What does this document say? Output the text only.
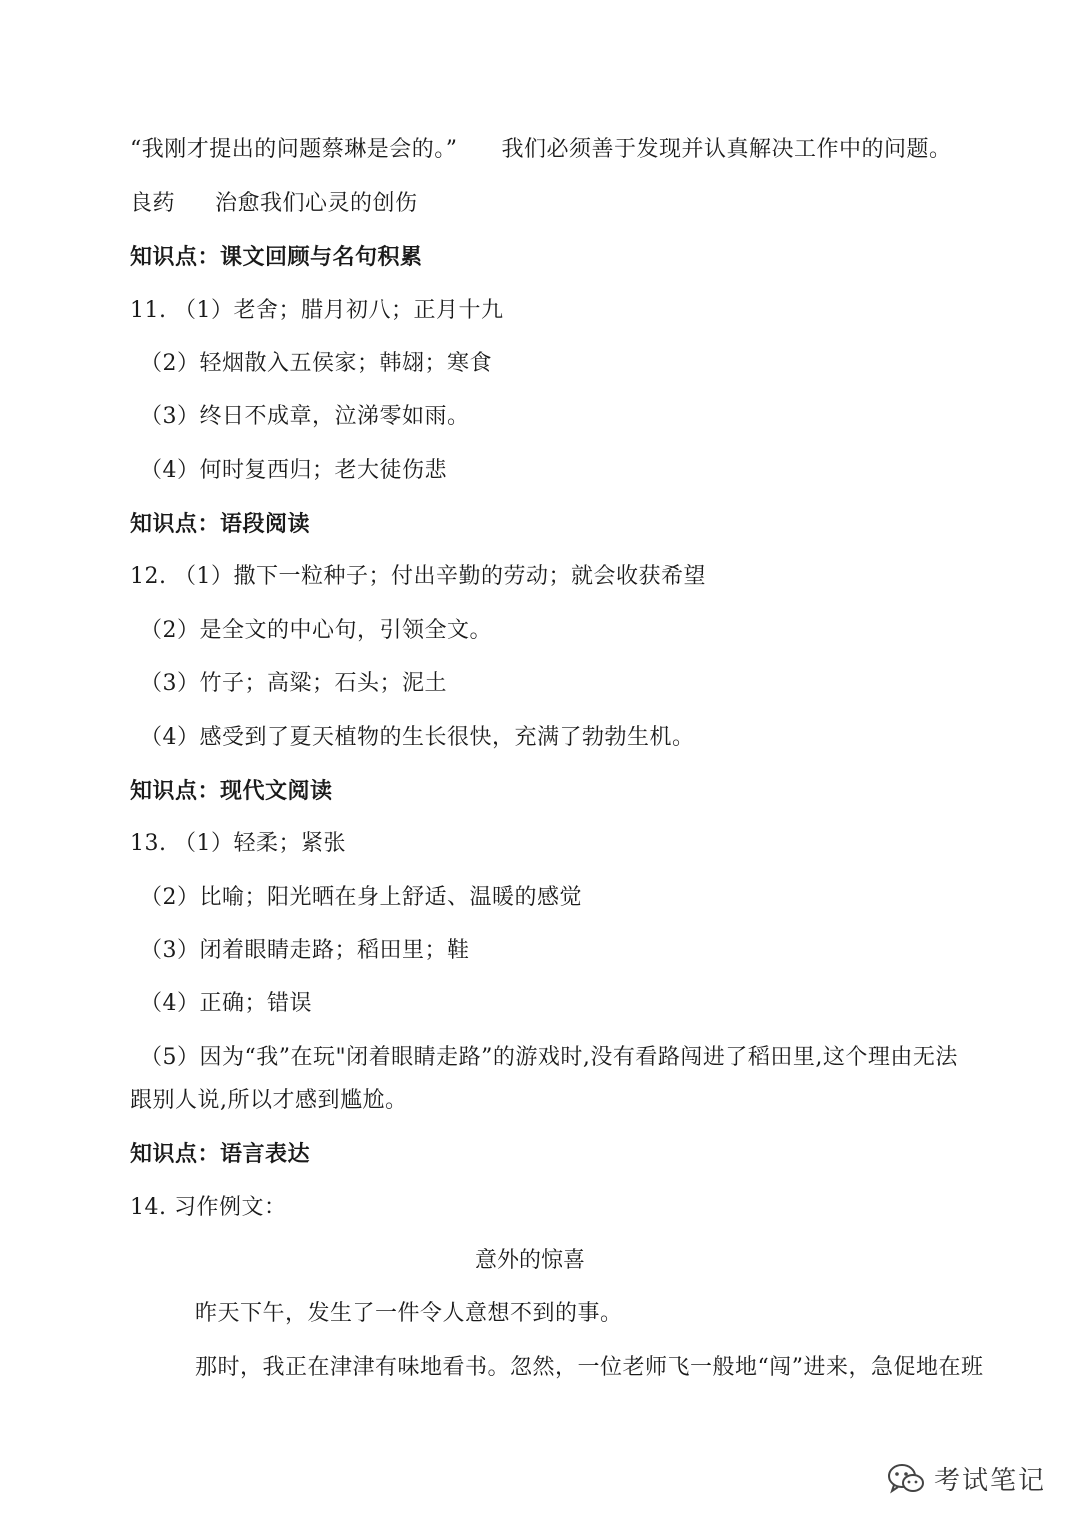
“我刚才提出的问题蔡琳是会的。” 我们必须善于发现并认真解决工作中的问题。
良药 治愈我们心灵的创伤
知识点：课文回顾与名句积累
11. （1）老舍；腊月初八；正月十九
（2）轻烟散入五侯家；韩翃；寒食
（3）终日不成章，泣涕零如雨。
（4）何时复西归；老大徒伤悲
知识点：语段阅读
12. （1）撒下一粒种子；付出辛勤的劳动；就会收获希望
（2）是全文的中心句，引领全文。
（3）竹子；高粱；石头；泥土
（4）感受到了夏天植物的生长很快，充满了勃勃生机。
知识点：现代文阅读
13. （1）轻柔；紧张
（2）比喻；阳光晒在身上舒适、温暖的感觉
（3）闭着眼睛走路；稻田里；鞋
（4）正确；错误
（5）因为“我”在玩"闭着眼睛走路”的游戏时,没有看路闯进了稻田里,这个理由无法
跟别人说,所以才感到尴尬。
知识点：语言表达
14. 习作例文：
意外的惊喜
昨天下午，发生了一件令人意想不到的事。
那时，我正在津津有味地看书。忽然，一位老师飞一般地“闯”进来，急促地在班
考试笔记
